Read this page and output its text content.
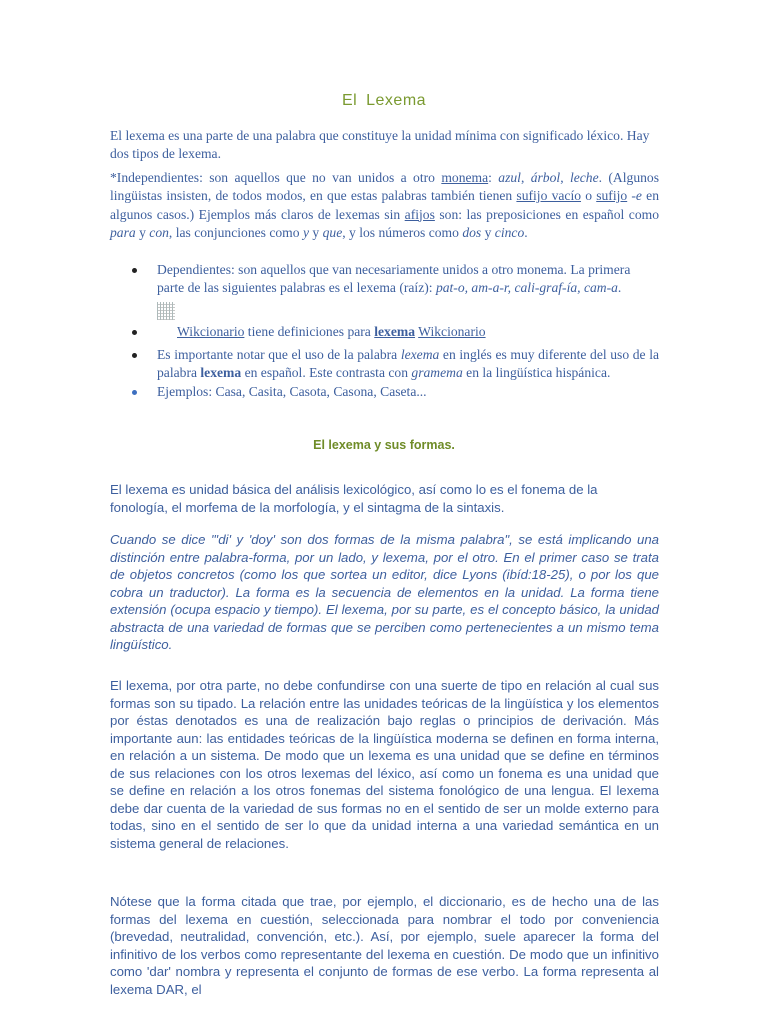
El Lexema

El lexema es una parte de una palabra que constituye la unidad mínima con significado léxico. Hay dos tipos de lexema.

*Independientes: son aquellos que no van unidos a otro monema: azul, árbol, leche. (Algunos lingüistas insisten, de todos modos, en que estas palabras también tienen sufijo vacío o sufijo -e en algunos casos.) Ejemplos más claros de lexemas sin afijos son: las preposiciones en español como para y con, las conjunciones como y y que, y los números como dos y cinco.

Dependientes: son aquellos que van necesariamente unidos a otro monema. La primera parte de las siguientes palabras es el lexema (raíz): pat-o, am-a-r, cali-graf-ía, cam-a.
Wikcionario tiene definiciones para lexema Wikcionario
Es importante notar que el uso de la palabra lexema en inglés es muy diferente del uso de la palabra lexema en español. Este contrasta con gramema en la lingüística hispánica.
Ejemplos: Casa, Casita, Casota, Casona, Caseta...
El lexema y sus formas.

El lexema es unidad básica del análisis lexicológico, así como lo es el fonema de la fonología, el morfema de la morfología, y el sintagma de la sintaxis.

Cuando se dice "'di' y 'doy' son dos formas de la misma palabra", se está implicando una distinción entre palabra-forma, por un lado, y lexema, por el otro. En el primer caso se trata de objetos concretos (como los que sortea un editor, dice Lyons (ibíd:18-25), o por los que cobra un traductor). La forma es la secuencia de elementos en la unidad. La forma tiene extensión (ocupa espacio y tiempo). El lexema, por su parte, es el concepto básico, la unidad abstracta de una variedad de formas que se perciben como pertenecientes a un mismo tema lingüístico.

El lexema, por otra parte, no debe confundirse con una suerte de tipo en relación al cual sus formas son su tipado. La relación entre las unidades teóricas de la lingüística y los elementos por éstas denotados es una de realización bajo reglas o principios de derivación. Más importante aun: las entidades teóricas de la lingüística moderna se definen en forma interna, en relación a un sistema. De modo que un lexema es una unidad que se define en términos de sus relaciones con los otros lexemas del léxico, así como un fonema es una unidad que se define en relación a los otros fonemas del sistema fonológico de una lengua. El lexema debe dar cuenta de la variedad de sus formas no en el sentido de ser un molde externo para todas, sino en el sentido de ser lo que da unidad interna a una variedad semántica en un sistema general de relaciones.

Nótese que la forma citada que trae, por ejemplo, el diccionario, es de hecho una de las formas del lexema en cuestión, seleccionada para nombrar el todo por conveniencia (brevedad, neutralidad, convención, etc.). Así, por ejemplo, suele aparecer la forma del infinitivo de los verbos como representante del lexema en cuestión. De modo que un infinitivo como 'dar' nombra y representa el conjunto de formas de ese verbo. La forma representa al lexema DAR, el
